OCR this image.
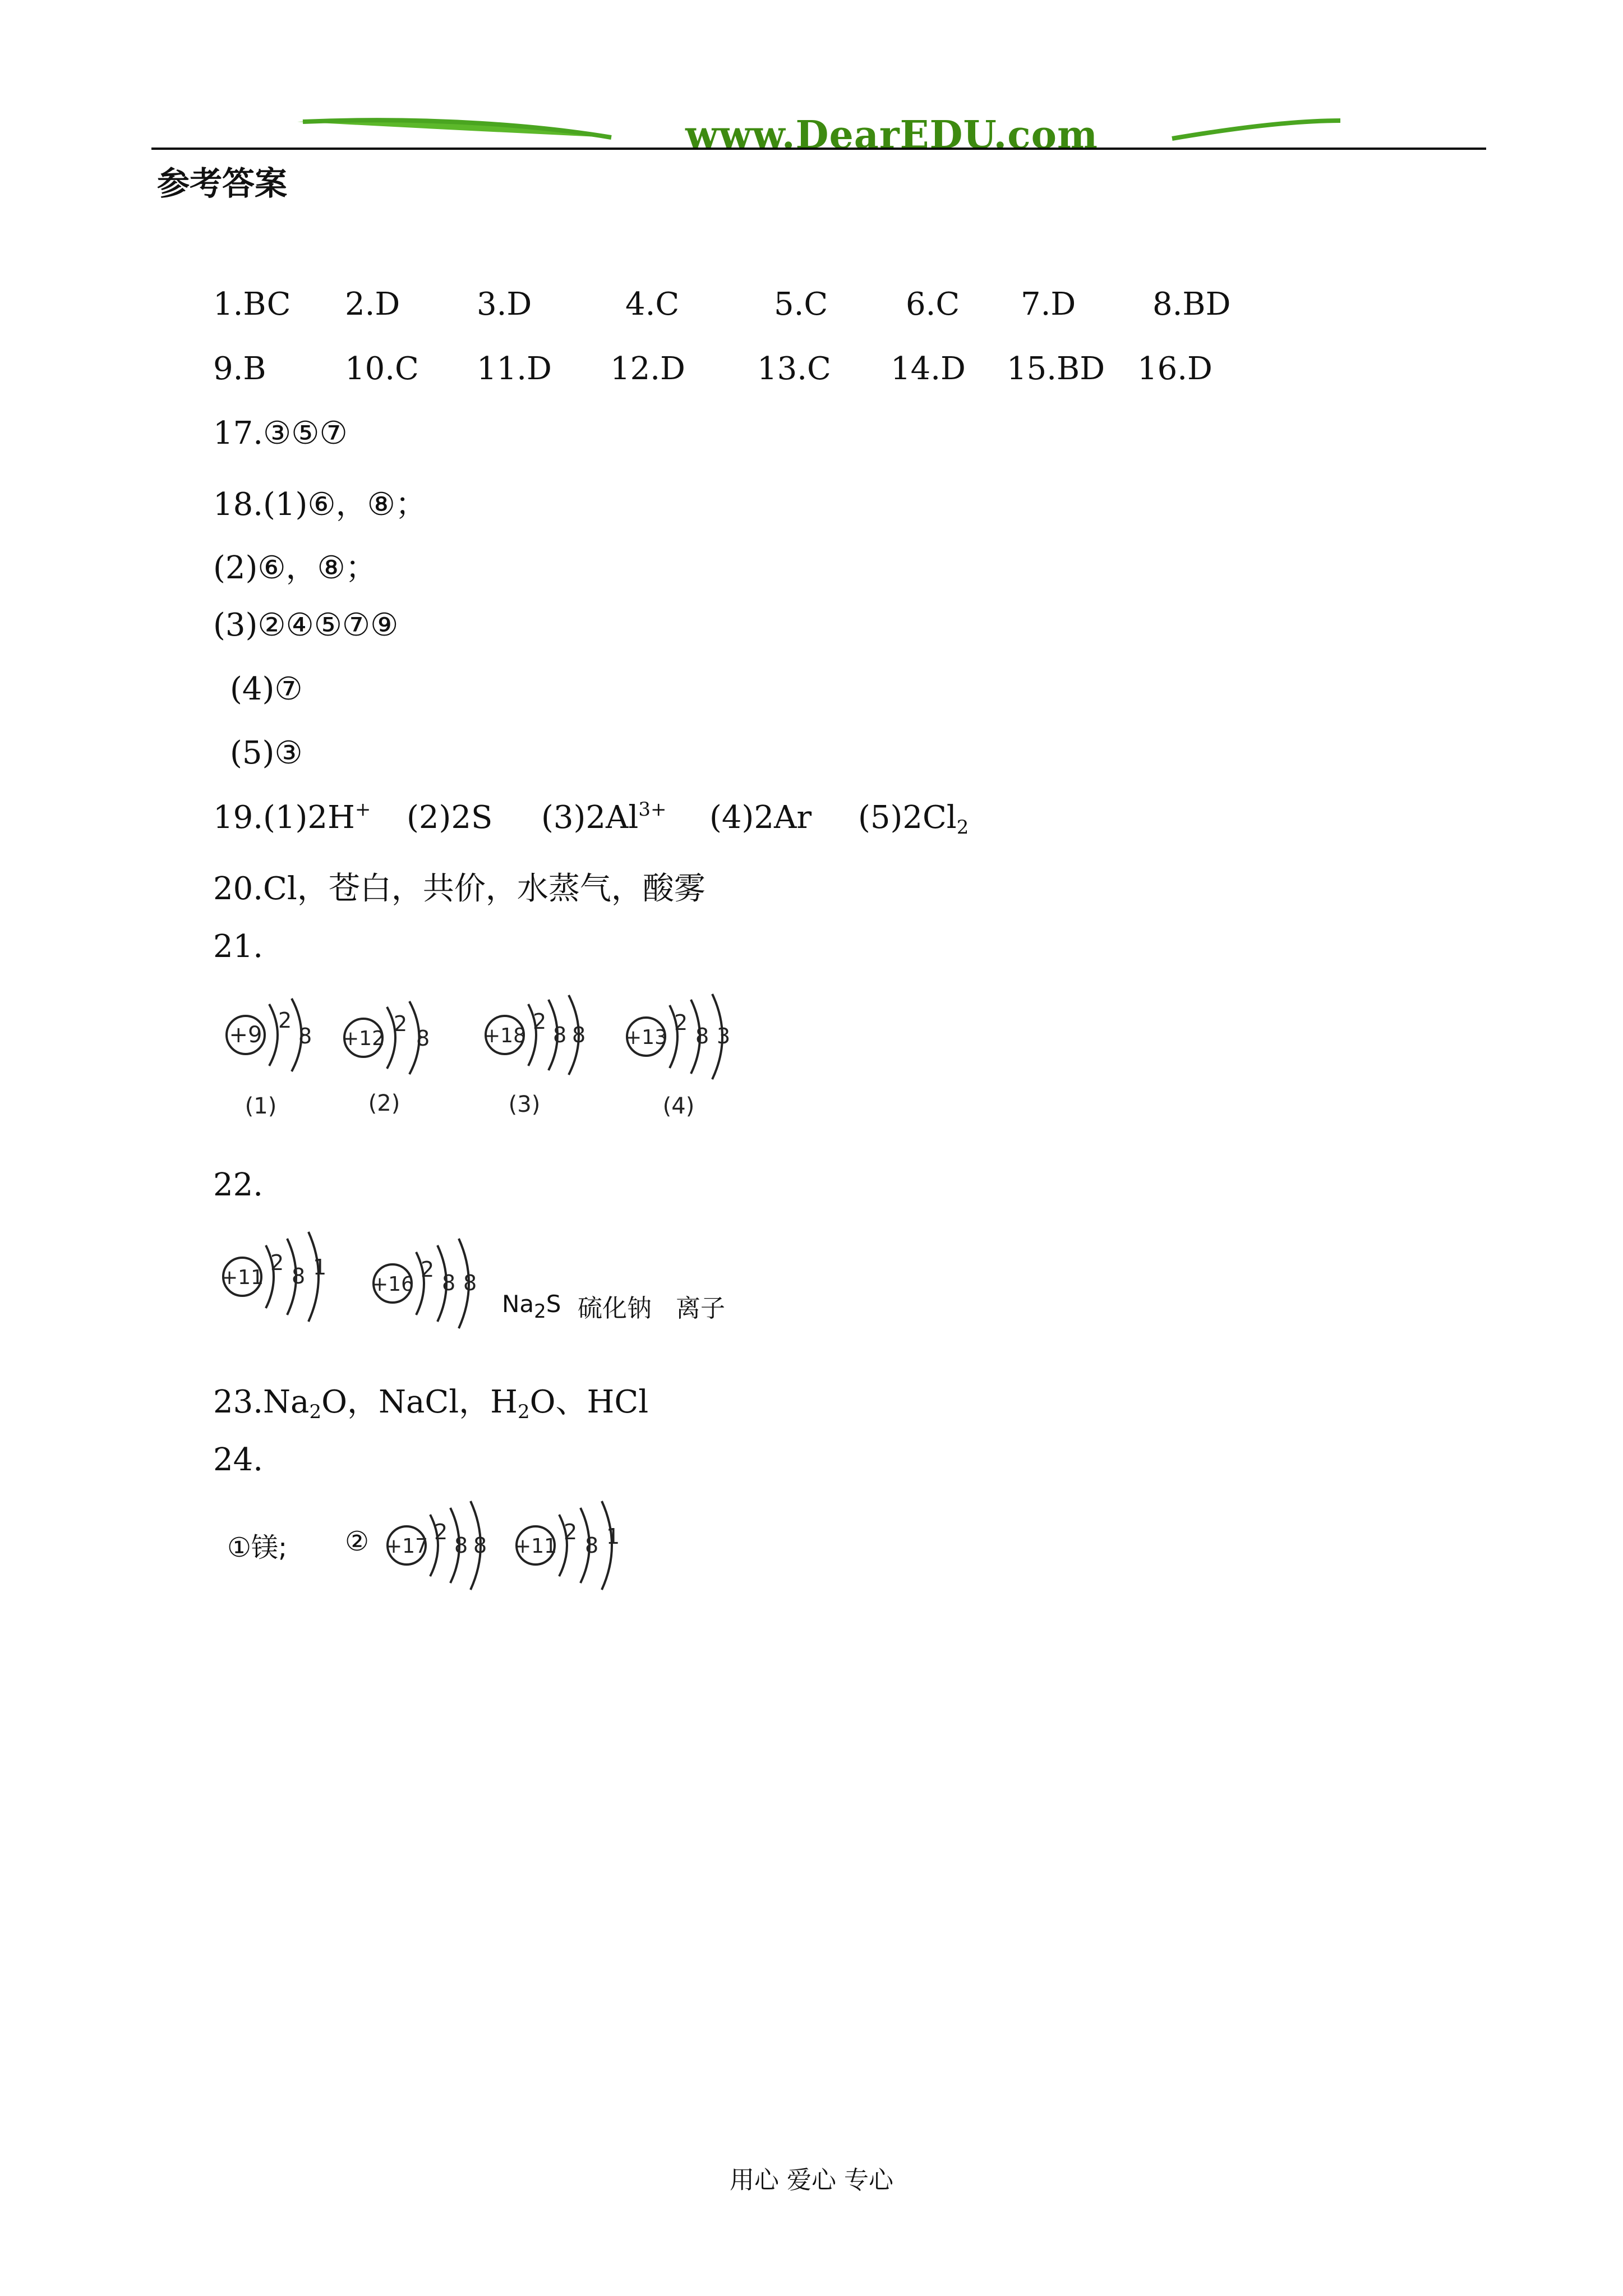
www.DearEDU.com
参考答案
1.BC 2.D 3.D	4.C	5.C 6.C 7.D 8.BD
9.B	10.C 11.D 12.D 13.C 14.D 15.BD 16.D
17.③⑤⑦
18.(1)⑥，⑧；
(2)⑥，⑧；
(3)②④⑤⑦⑨
(4)⑦
(5)③
19.(1)2H+ (2)2S $(3)2Al^{3+}$ (4)2Ar $(5)2Cl_2$
20.Cl，苍白，共价，水蒸气，酸雾
21.
+9
2
8
(1)
+12
2
8
(2)
+18
2
8 8
(3)
+13
2
8 3
(4)
22.
+11
2
8 1
+16
2
8 8
$Na_2S$ 硫化钠 离子
$23.Na_2O$，NaCl，$H_2O$、HCl
24.
①镁; ② +17
2
8 8 +11
2
8 1
用心 爱心 专心
